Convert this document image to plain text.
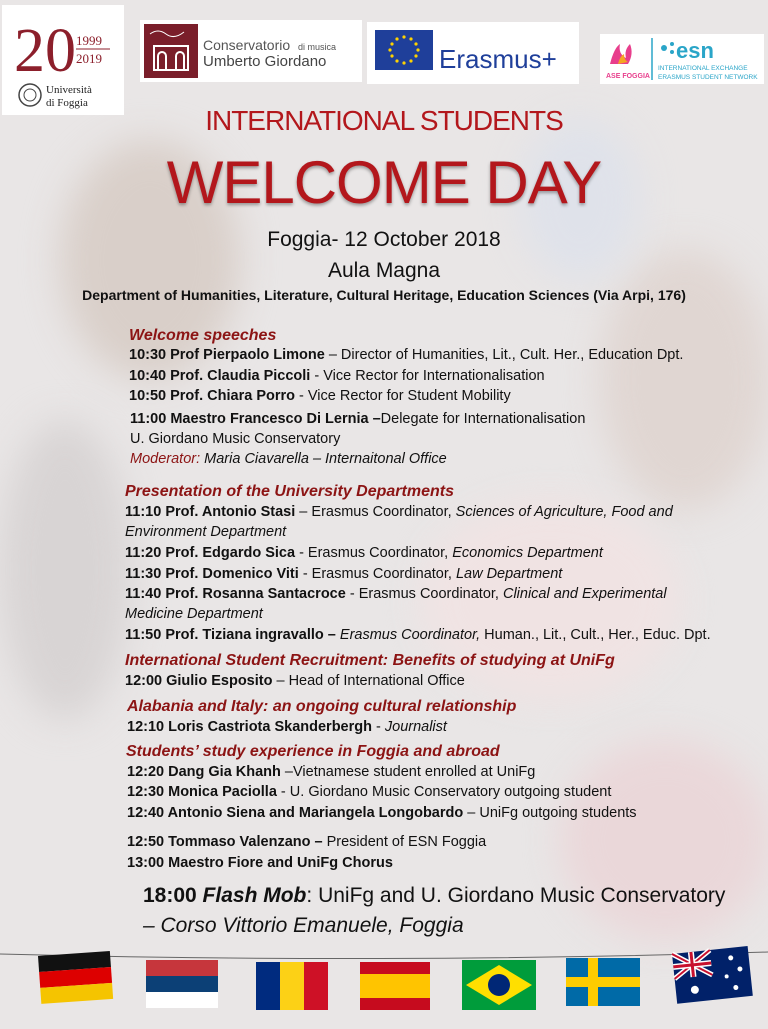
20 1999
2019
Università
di Foggia
Conservatorio di musica
Umberto Giordano	Erasmus+
ASE FOGGIA
esn
INTERNATIONAL EXCHANGE
ERASMUS STUDENT NETWORK
INTERNATIONAL STUDENTS
WELCOME DAY
Foggia- 12 October 2018
Aula Magna
Department of Humanities, Literature, Cultural Heritage, Education Sciences (Via Arpi, 176)
Welcome speeches
10:30 Prof Pierpaolo Limone – Director of Humanities, Lit., Cult. Her., Education Dpt.
10:40 Prof. Claudia Piccoli - Vice Rector for Internationalisation
10:50 Prof. Chiara Porro - Vice Rector for Student Mobility
11:00 Maestro Francesco Di Lernia –Delegate for Internationalisation
U. Giordano Music Conservatory
Moderator: Maria Ciavarella – Internaitonal Office
Presentation of the University Departments
11:10 Prof. Antonio Stasi – Erasmus Coordinator, Sciences of Agriculture, Food and
Environment Department
11:20 Prof. Edgardo Sica - Erasmus Coordinator, Economics Department
11:30 Prof. Domenico Viti - Erasmus Coordinator, Law Department
11:40 Prof. Rosanna Santacroce - Erasmus Coordinator, Clinical and Experimental
Medicine Department
11:50 Prof. Tiziana ingravallo – Erasmus Coordinator, Human., Lit., Cult., Her., Educ. Dpt.
International Student Recruitment: Benefits of studying at UniFg
12:00 Giulio Esposito – Head of International Office
Alabania and Italy: an ongoing cultural relationship
12:10 Loris Castriota Skanderbergh - Journalist
Students’ study experience in Foggia and abroad
12:20 Dang Gia Khanh –Vietnamese student enrolled at UniFg
12:30 Monica Paciolla - U. Giordano Music Conservatory outgoing student
12:40 Antonio Siena and Mariangela Longobardo – UniFg outgoing students
12:50 Tommaso Valenzano – President of ESN Foggia
13:00 Maestro Fiore and UniFg Chorus
18:00 Flash Mob: UniFg and U. Giordano Music Conservatory
– Corso Vittorio Emanuele, Foggia
